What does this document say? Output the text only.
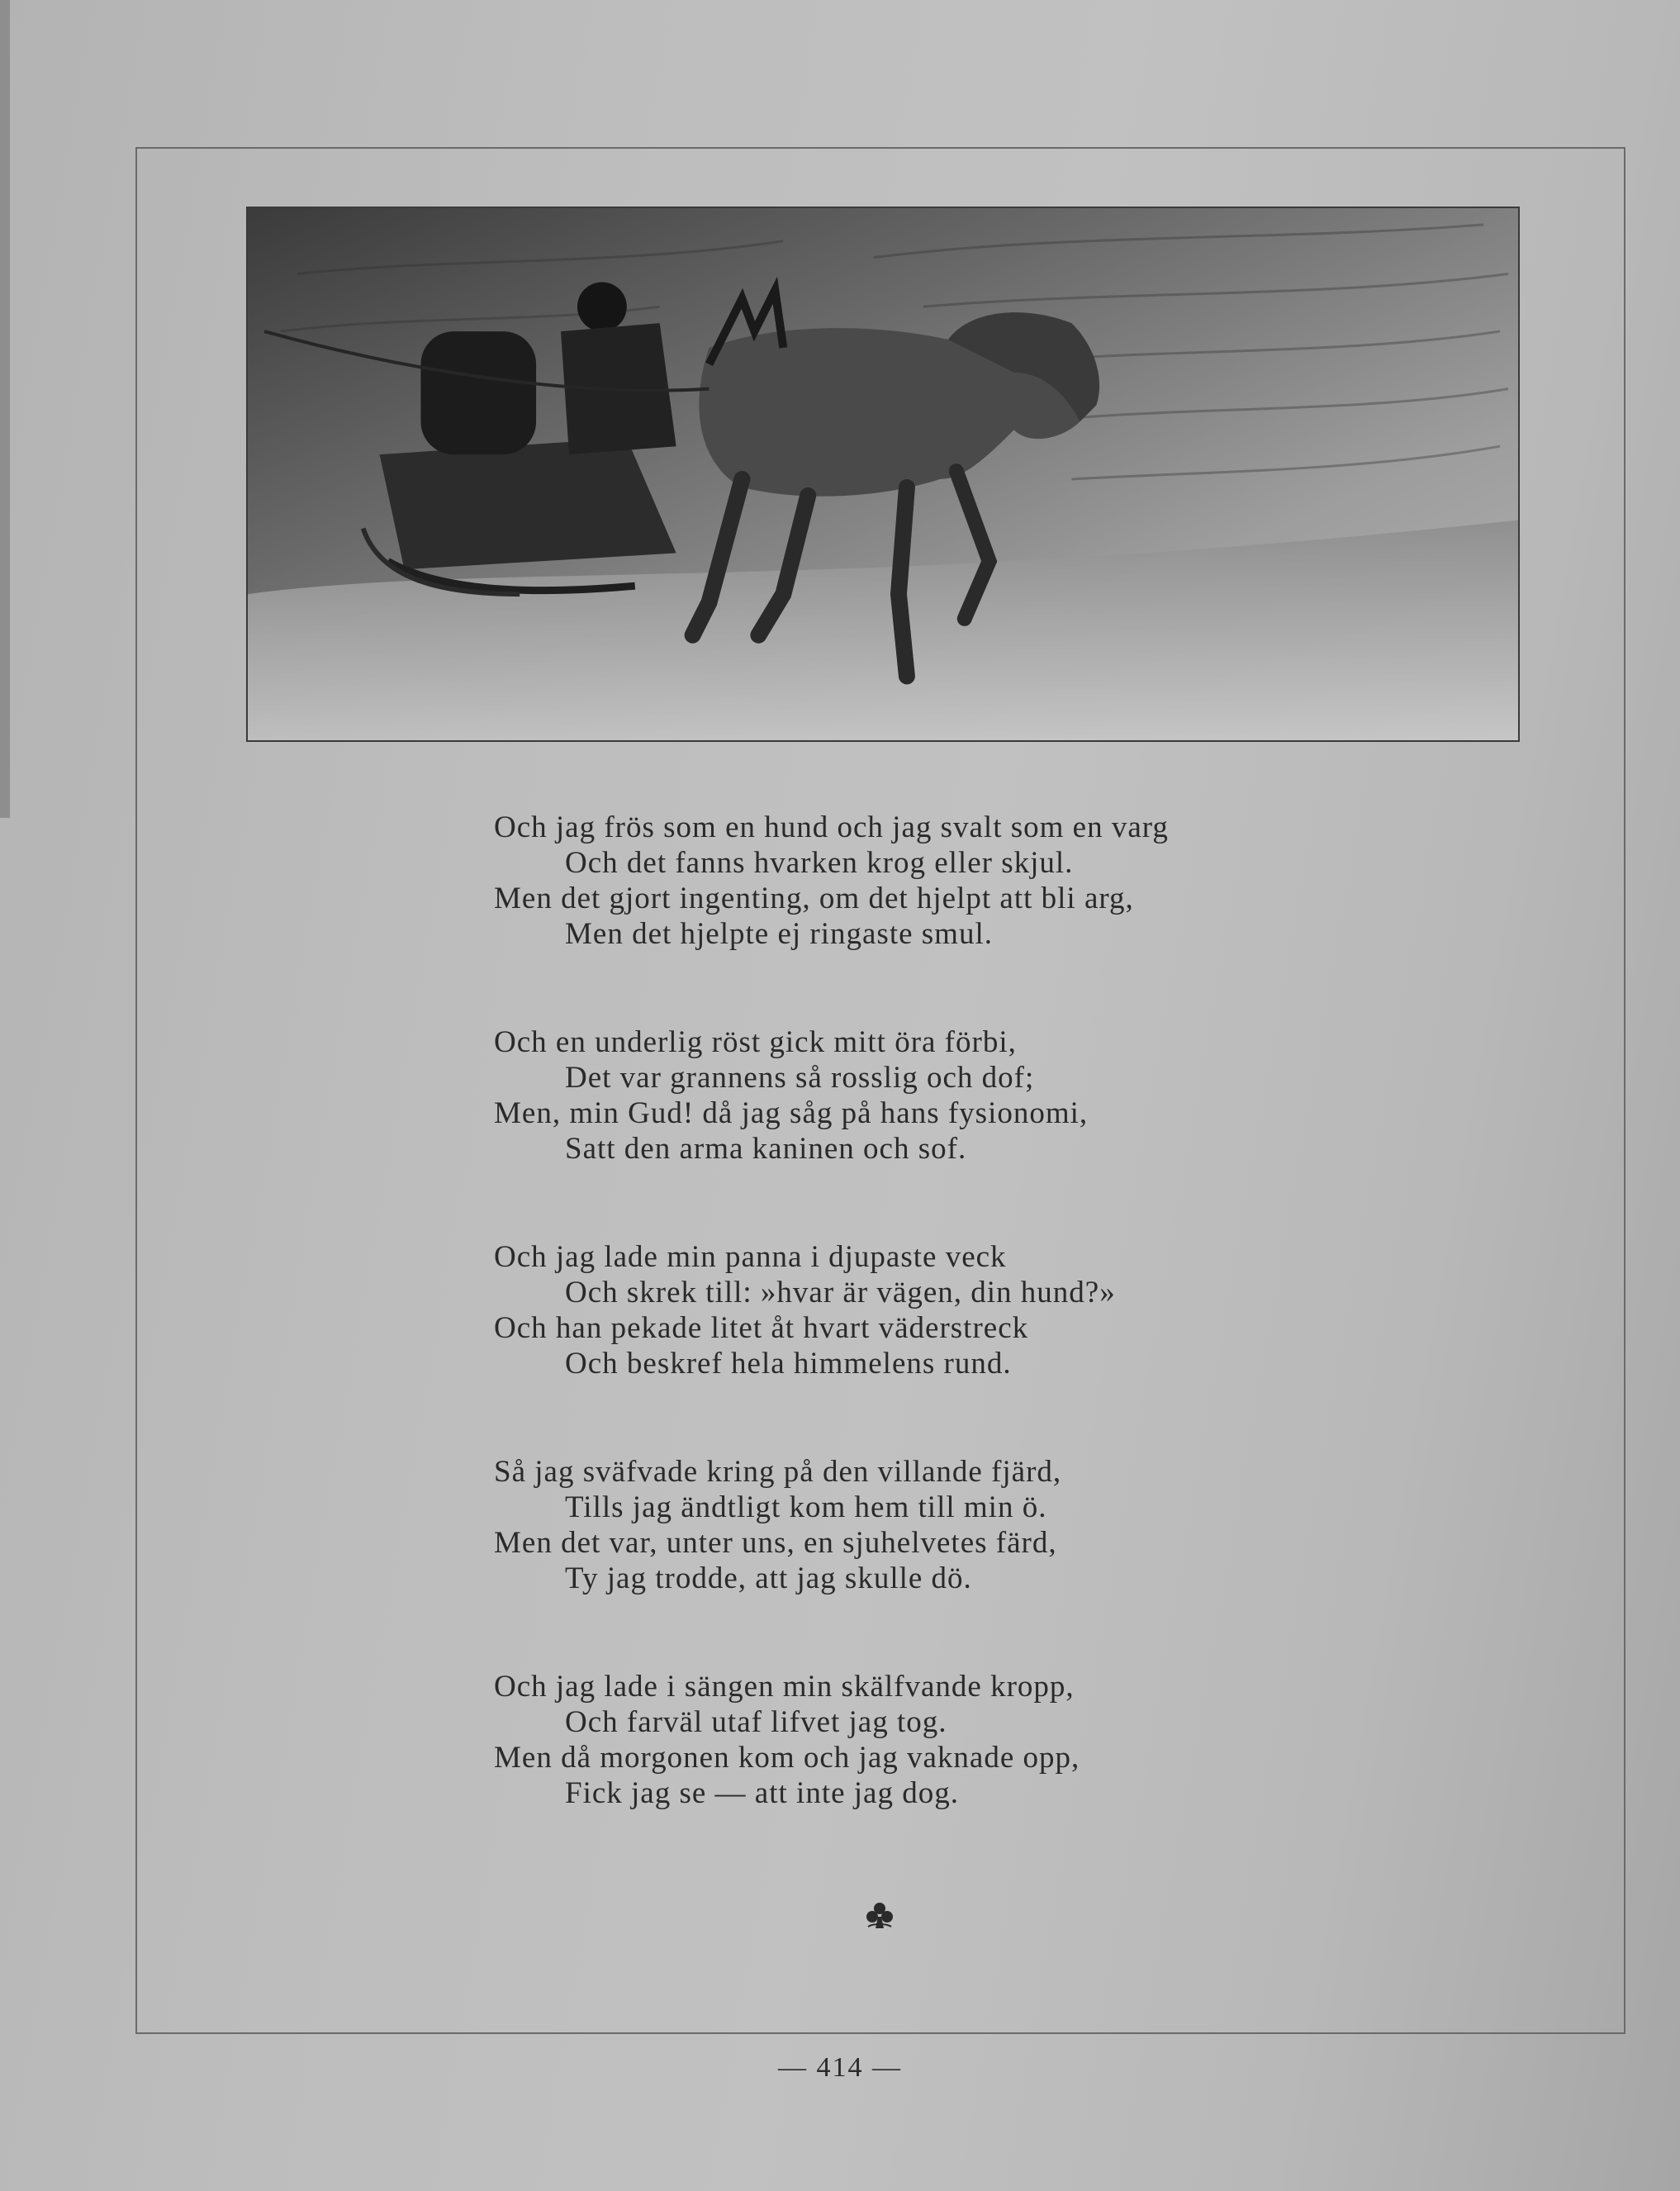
Och jag frös som en hund och jag svalt som en varg
Och det fanns hvarken krog eller skjul.
Men det gjort ingenting, om det hjelpt att bli arg,
Men det hjelpte ej ringaste smul.
Och en underlig röst gick mitt öra förbi,
Det var grannens så rosslig och dof;
Men, min Gud! då jag såg på hans fysionomi,
Satt den arma kaninen och sof.
Och jag lade min panna i djupaste veck
Och skrek till: »hvar är vägen, din hund?»
Och han pekade litet åt hvart väderstreck
Och beskref hela himmelens rund.
Så jag sväfvade kring på den villande fjärd,
Tills jag ändtligt kom hem till min ö.
Men det var, unter uns, en sjuhelvetes färd,
Ty jag trodde, att jag skulle dö.
Och jag lade i sängen min skälfvande kropp,
Och farväl utaf lifvet jag tog.
Men då morgonen kom och jag vaknade opp,
Fick jag se — att inte jag dog.
— 414 —
